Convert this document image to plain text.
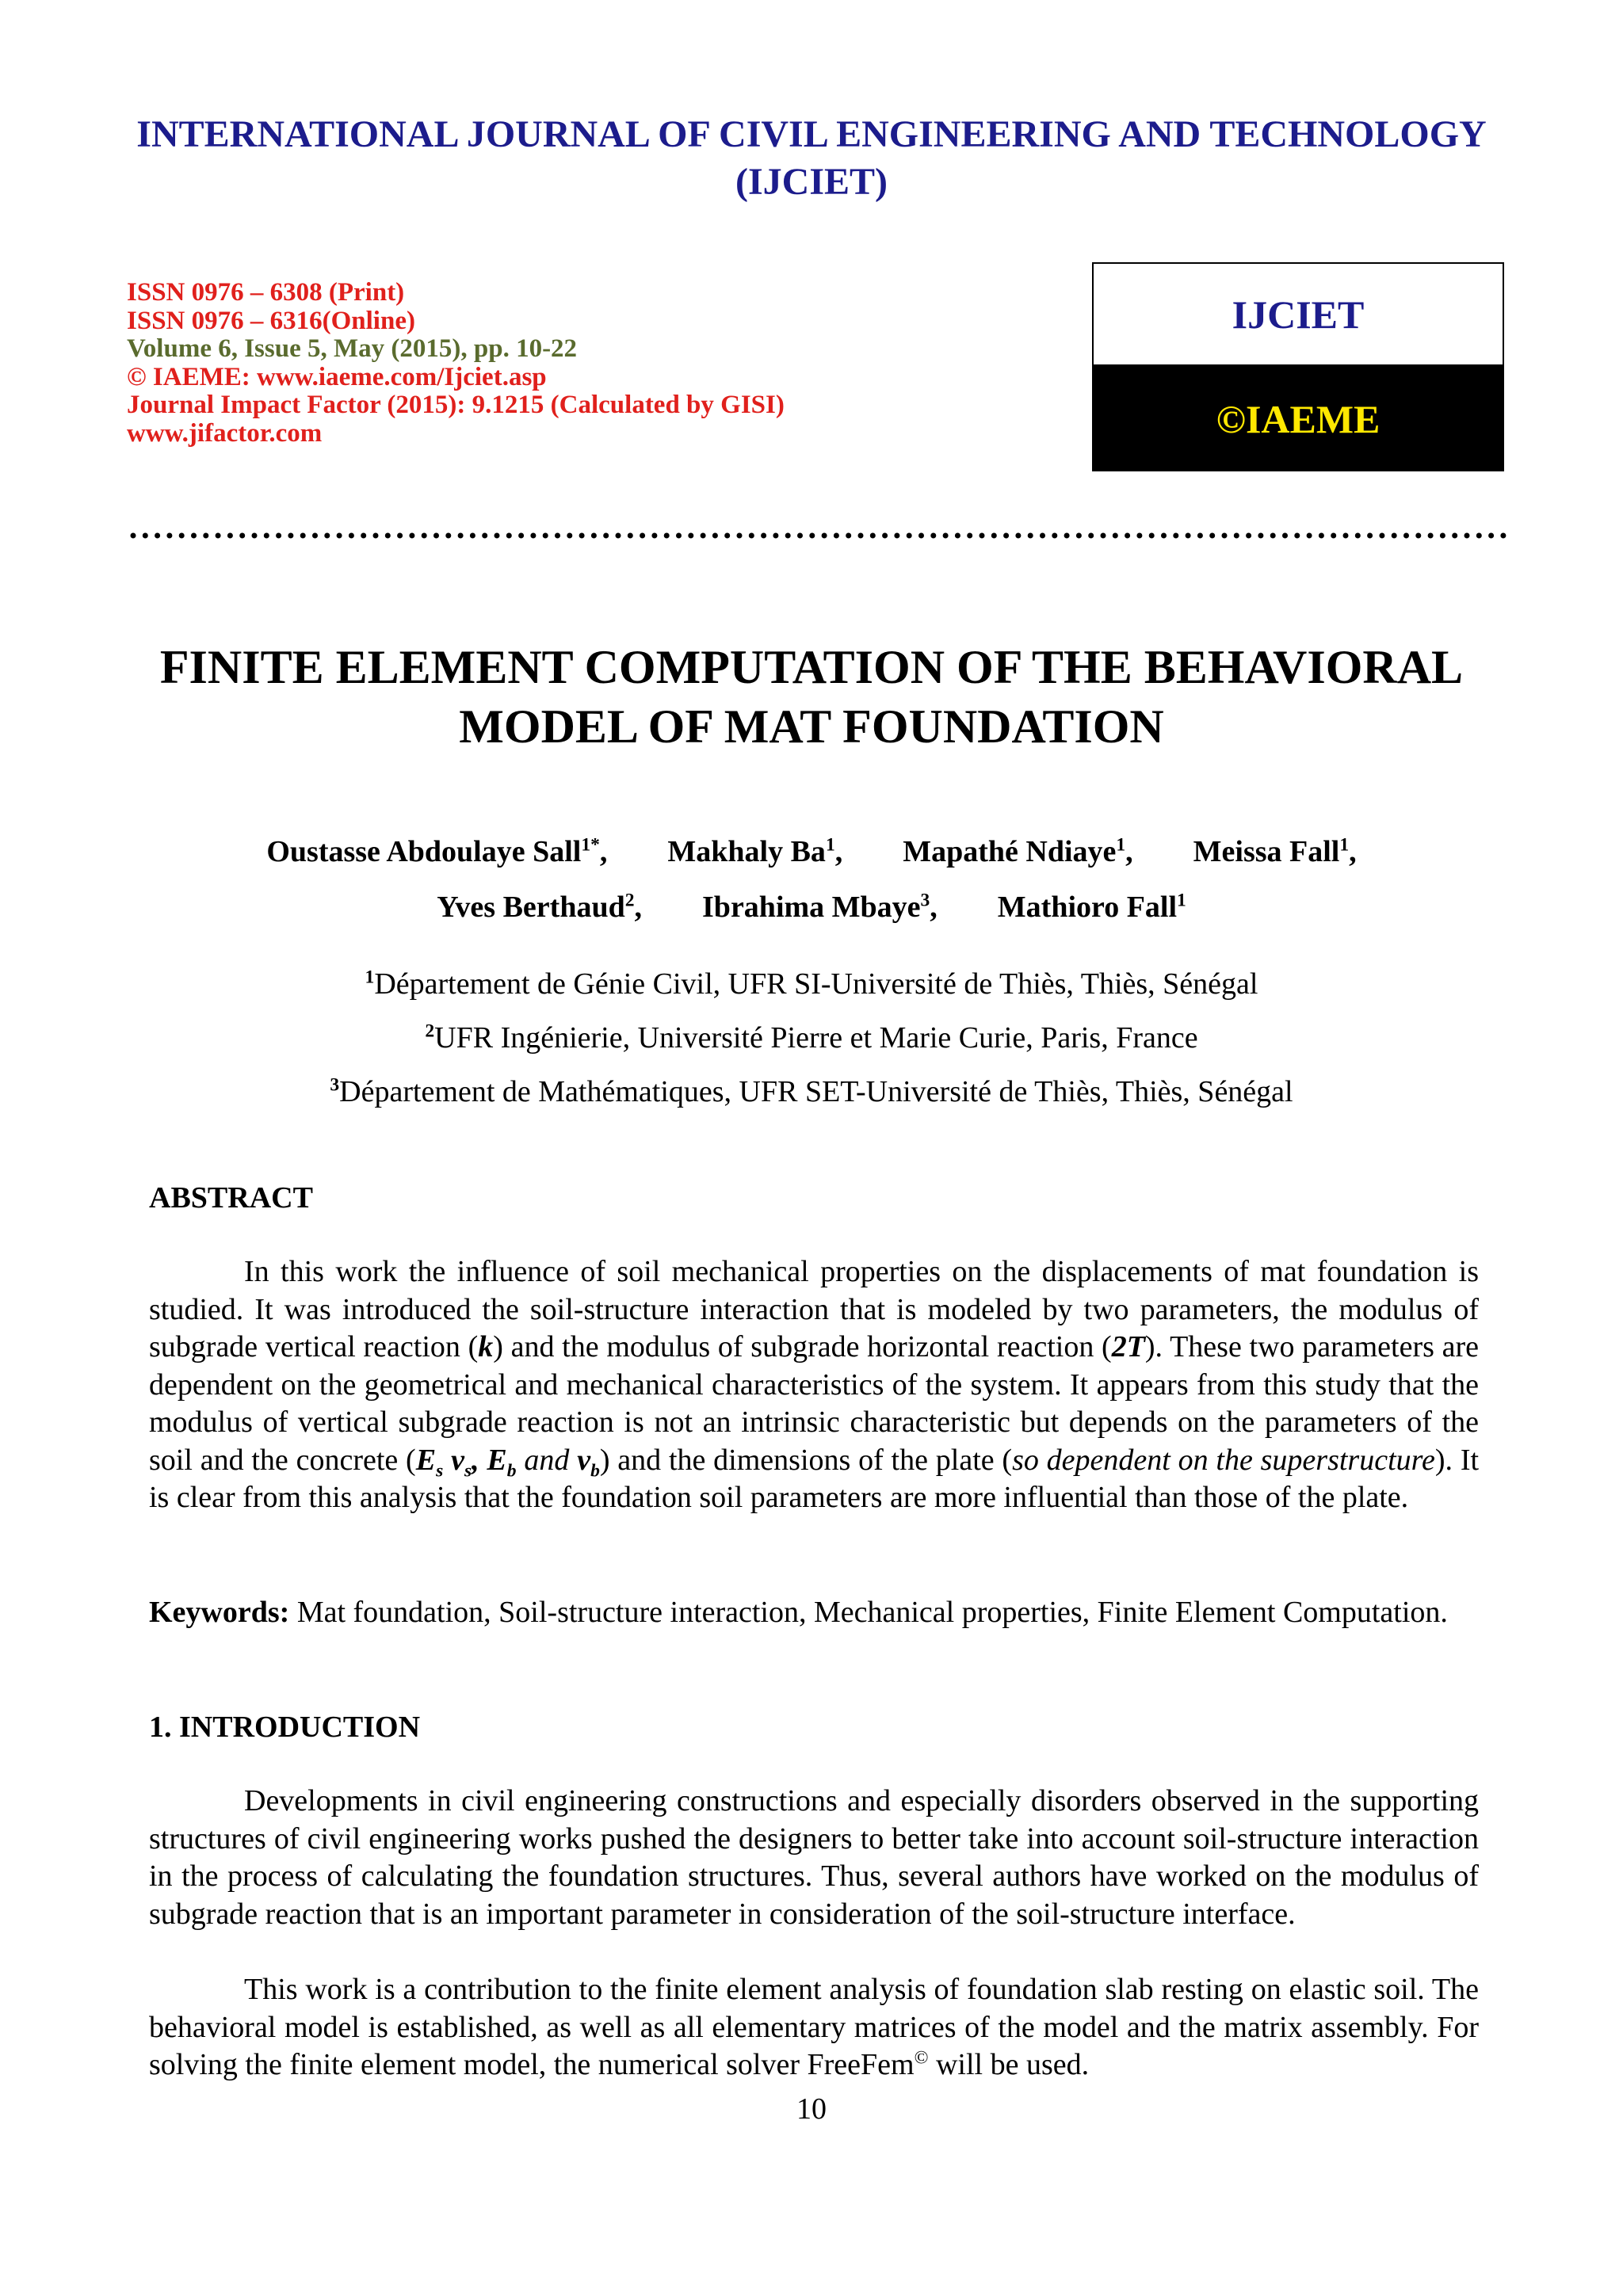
INTERNATIONAL JOURNAL OF CIVIL ENGINEERING AND TECHNOLOGY (IJCIET)
ISSN 0976 – 6308 (Print)
ISSN 0976 – 6316(Online)
Volume 6, Issue 5, May (2015), pp. 10-22
© IAEME: www.iaeme.com/Ijciet.asp
Journal Impact Factor (2015): 9.1215 (Calculated by GISI)
www.jifactor.com
IJCIET
©IAEME
FINITE ELEMENT COMPUTATION OF THE BEHAVIORAL MODEL OF MAT FOUNDATION
Oustasse Abdoulaye Sall$^{1*}$, Makhaly Ba$^1$, Mapathé Ndiaye$^1$, Meissa Fall$^1$,
Yves Berthaud$^2$, Ibrahima Mbaye$^3$, Mathioro Fall$^1$
$^1$Département de Génie Civil, UFR SI-Université de Thiès, Thiès, Sénégal
$^2$UFR Ingénierie, Université Pierre et Marie Curie, Paris, France
$^3$Département de Mathématiques, UFR SET-Université de Thiès, Thiès, Sénégal
ABSTRACT

In this work the influence of soil mechanical properties on the displacements of mat foundation is studied. It was introduced the soil-structure interaction that is modeled by two parameters, the modulus of subgrade vertical reaction (k) and the modulus of subgrade horizontal reaction (2T). These two parameters are dependent on the geometrical and mechanical characteristics of the system. It appears from this study that the modulus of vertical subgrade reaction is not an intrinsic characteristic but depends on the parameters of the soil and the concrete ($E_s$ $v_s$, $E_b$ and $v_b$) and the dimensions of the plate (so dependent on the superstructure). It is clear from this analysis that the foundation soil parameters are more influential than those of the plate.

Keywords: Mat foundation, Soil-structure interaction, Mechanical properties, Finite Element Computation.

1. INTRODUCTION

Developments in civil engineering constructions and especially disorders observed in the supporting structures of civil engineering works pushed the designers to better take into account soil-structure interaction in the process of calculating the foundation structures. Thus, several authors have worked on the modulus of subgrade reaction that is an important parameter in consideration of the soil-structure interface.

This work is a contribution to the finite element analysis of foundation slab resting on elastic soil. The behavioral model is established, as well as all elementary matrices of the model and the matrix assembly. For solving the finite element model, the numerical solver FreeFem© will be used.

10
